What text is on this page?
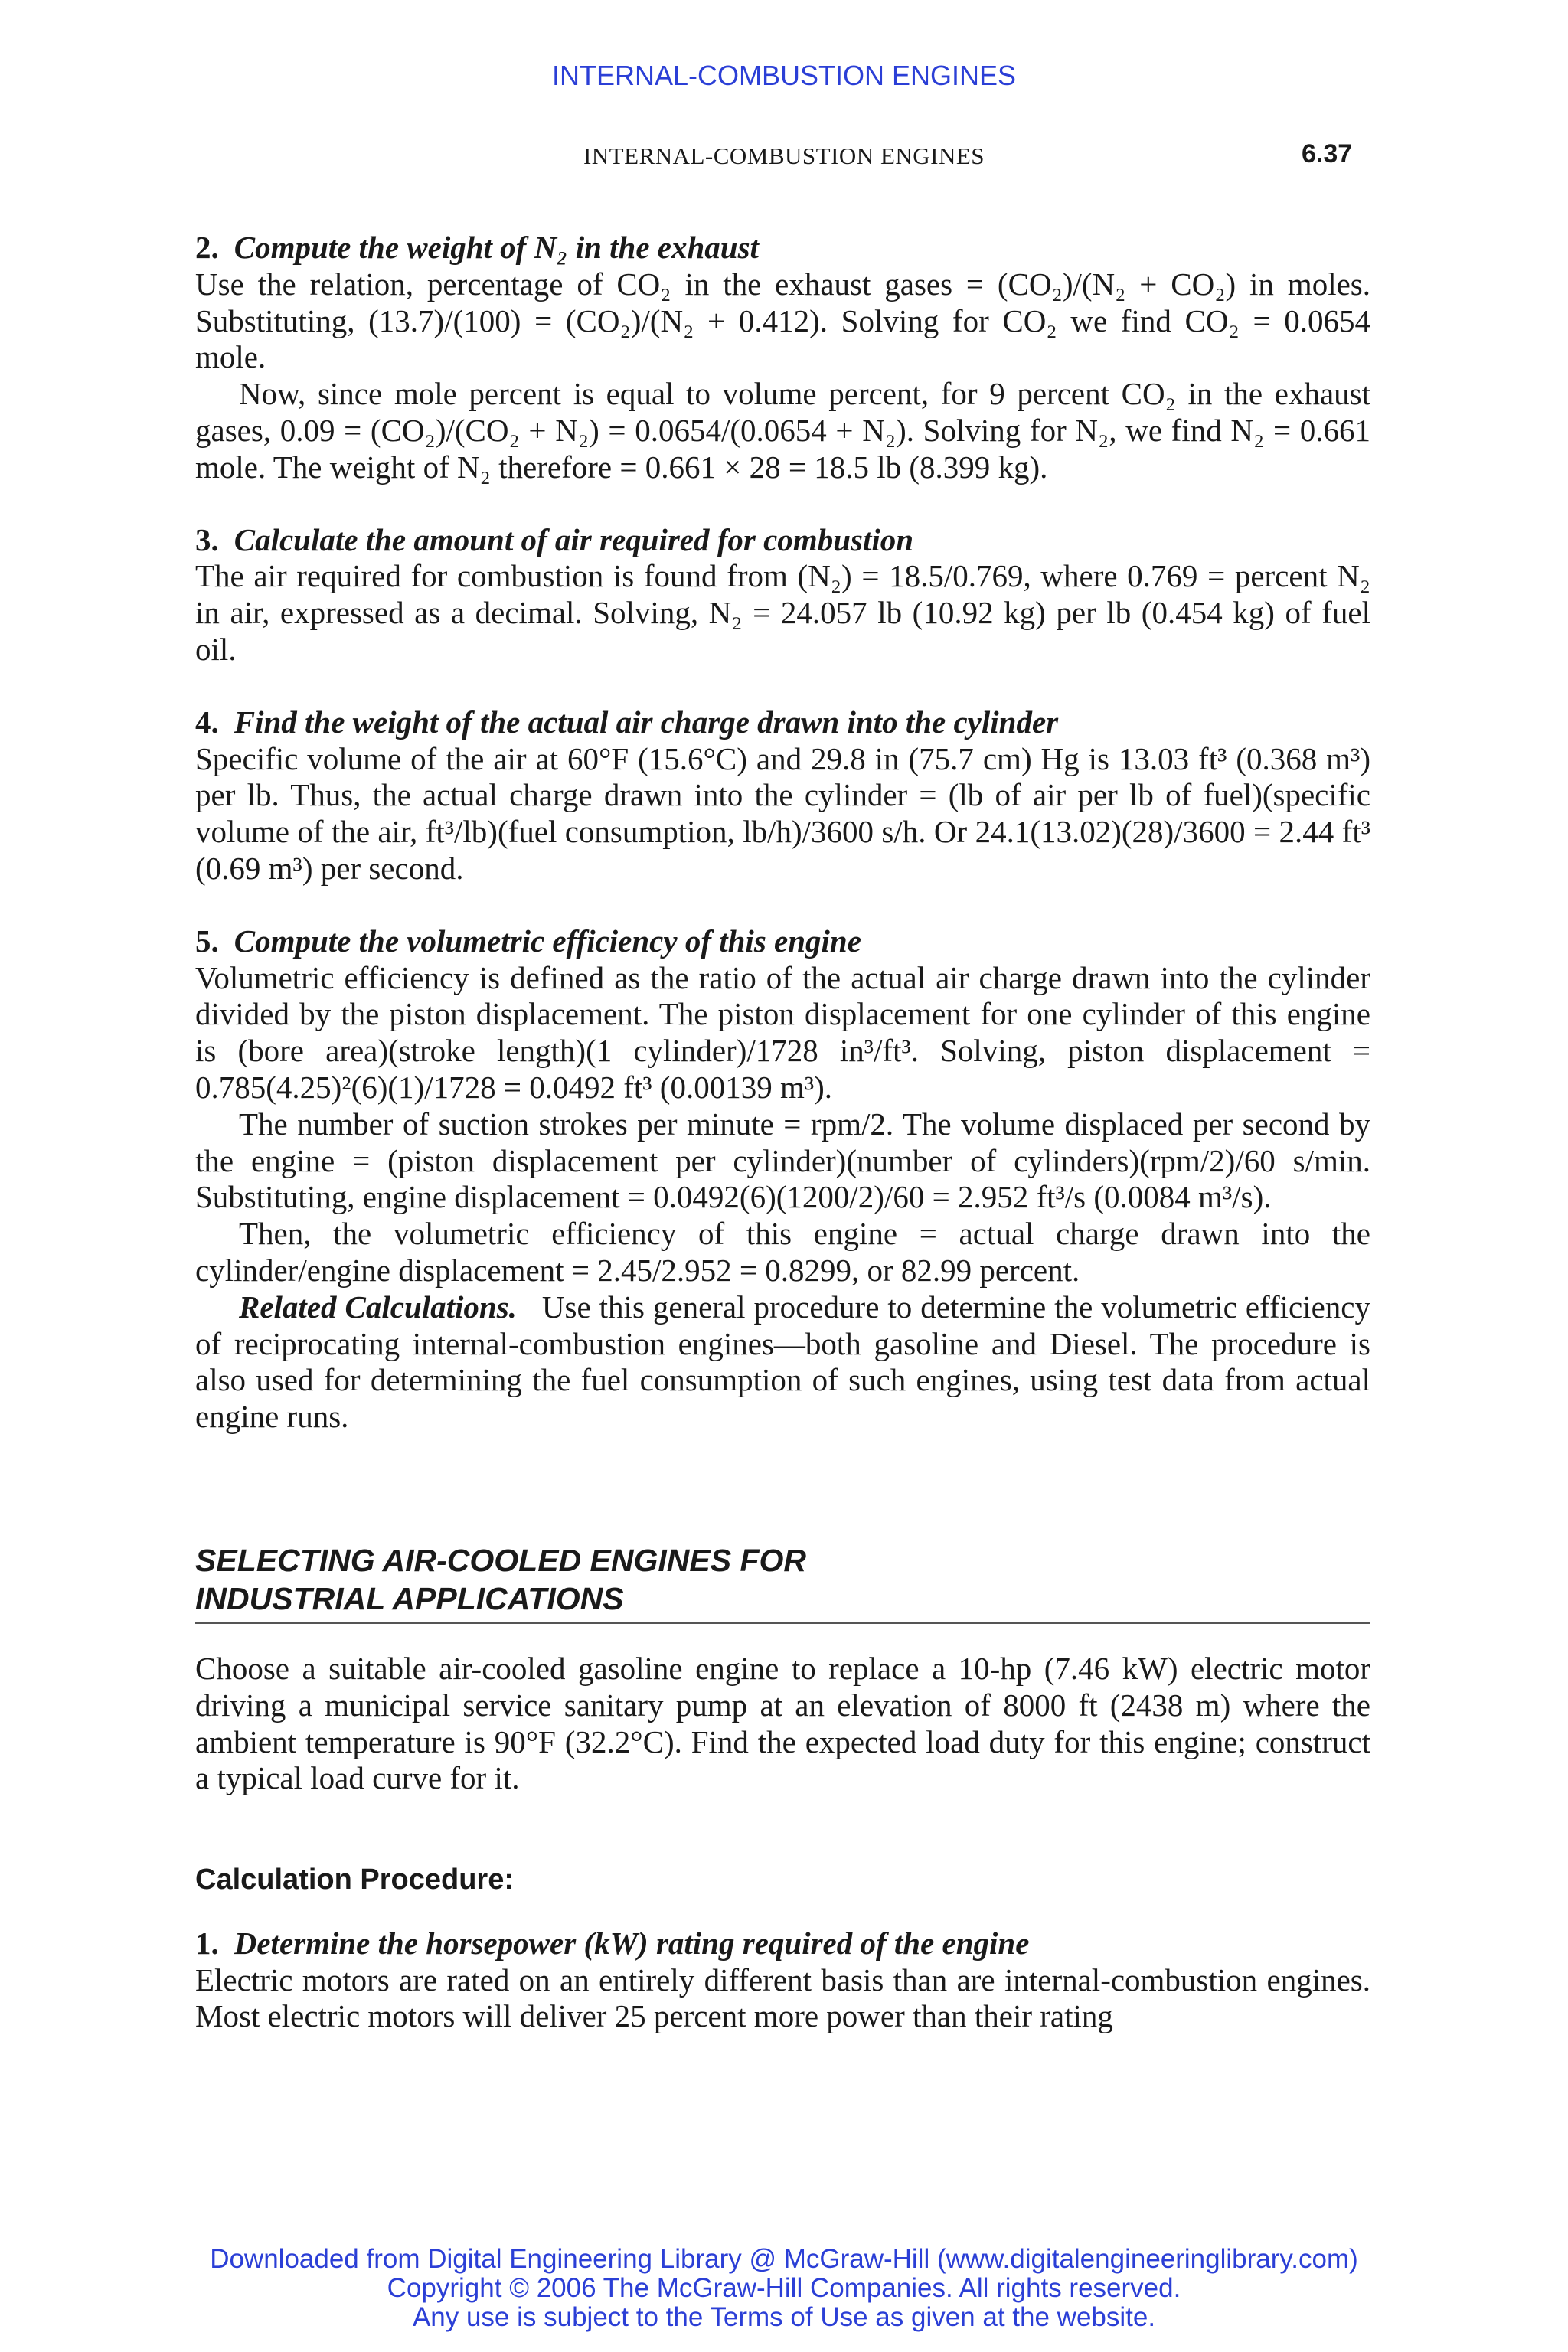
INTERNAL-COMBUSTION ENGINES
INTERNAL-COMBUSTION ENGINES	6.37

2. Compute the weight of N₂ in the exhaust

Use the relation, percentage of CO₂ in the exhaust gases = (CO₂)/(N₂ + CO₂) in moles. Substituting, (13.7)/(100) = (CO₂)/(N₂ + 0.412). Solving for CO₂ we find CO₂ = 0.0654 mole.

Now, since mole percent is equal to volume percent, for 9 percent CO₂ in the exhaust gases, 0.09 = (CO₂)/(CO₂ + N₂) = 0.0654/(0.0654 + N₂). Solving for N₂, we find N₂ = 0.661 mole. The weight of N₂ therefore = 0.661 × 28 = 18.5 lb (8.399 kg).

3. Calculate the amount of air required for combustion

The air required for combustion is found from (N₂) = 18.5/0.769, where 0.769 = percent N₂ in air, expressed as a decimal. Solving, N₂ = 24.057 lb (10.92 kg) per lb (0.454 kg) of fuel oil.

4. Find the weight of the actual air charge drawn into the cylinder

Specific volume of the air at 60°F (15.6°C) and 29.8 in (75.7 cm) Hg is 13.03 ft³ (0.368 m³) per lb. Thus, the actual charge drawn into the cylinder = (lb of air per lb of fuel)(specific volume of the air, ft³/lb)(fuel consumption, lb/h)/3600 s/h. Or 24.1(13.02)(28)/3600 = 2.44 ft³ (0.69 m³) per second.

5. Compute the volumetric efficiency of this engine

Volumetric efficiency is defined as the ratio of the actual air charge drawn into the cylinder divided by the piston displacement. The piston displacement for one cylinder of this engine is (bore area)(stroke length)(1 cylinder)/1728 in³/ft³. Solving, piston displacement = 0.785(4.25)²(6)(1)/1728 = 0.0492 ft³ (0.00139 m³).

The number of suction strokes per minute = rpm/2. The volume displaced per second by the engine = (piston displacement per cylinder)(number of cylinders)(rpm/2)/60 s/min. Substituting, engine displacement = 0.0492(6)(1200/2)/60 = 2.952 ft³/s (0.0084 m³/s).

Then, the volumetric efficiency of this engine = actual charge drawn into the cylinder/engine displacement = 2.45/2.952 = 0.8299, or 82.99 percent.

Related Calculations. Use this general procedure to determine the volumetric efficiency of reciprocating internal-combustion engines—both gasoline and Diesel. The procedure is also used for determining the fuel consumption of such engines, using test data from actual engine runs.

SELECTING AIR-COOLED ENGINES FOR
INDUSTRIAL APPLICATIONS

Choose a suitable air-cooled gasoline engine to replace a 10-hp (7.46 kW) electric motor driving a municipal service sanitary pump at an elevation of 8000 ft (2438 m) where the ambient temperature is 90°F (32.2°C). Find the expected load duty for this engine; construct a typical load curve for it.

Calculation Procedure:

1. Determine the horsepower (kW) rating required of the engine

Electric motors are rated on an entirely different basis than are internal-combustion engines. Most electric motors will deliver 25 percent more power than their rating

Downloaded from Digital Engineering Library @ McGraw-Hill (www.digitalengineeringlibrary.com)
Copyright © 2006 The McGraw-Hill Companies. All rights reserved.
Any use is subject to the Terms of Use as given at the website.
